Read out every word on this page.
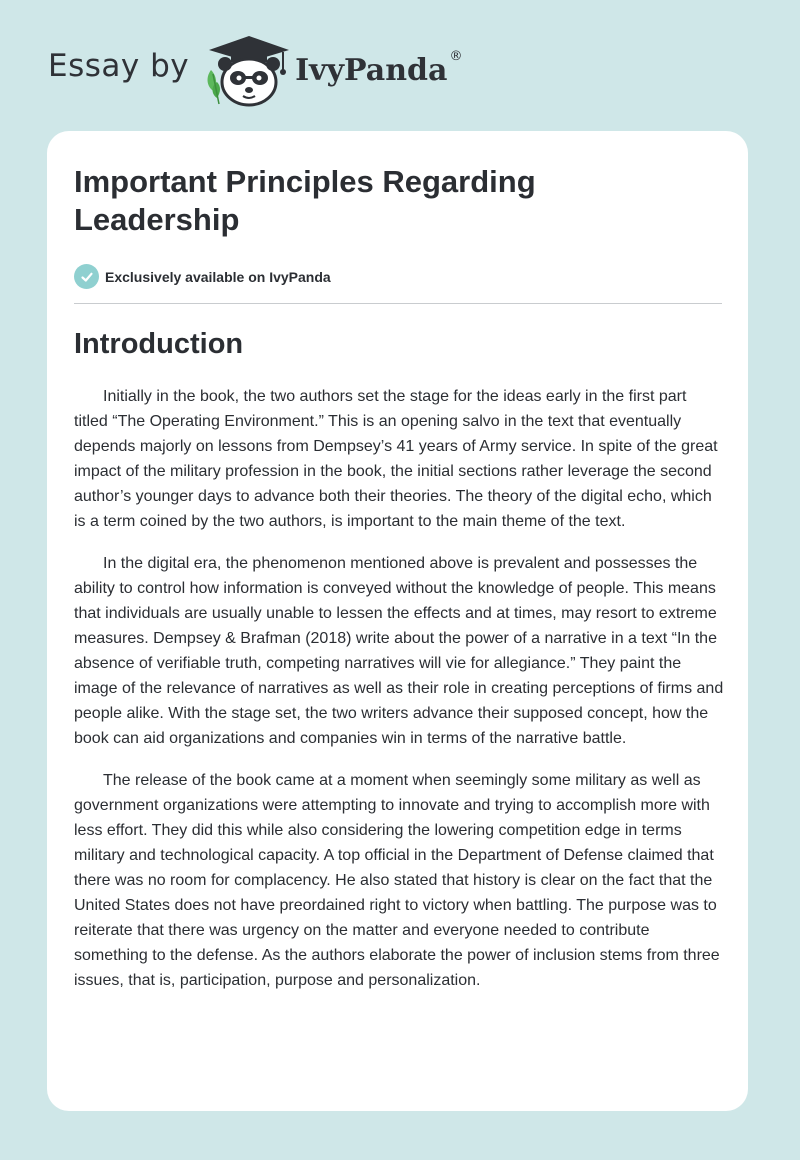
Essay by	IvyPanda ®
Important Principles Regarding Leadership
Exclusively available on IvyPanda
Introduction

Initially in the book, the two authors set the stage for the ideas early in the first part titled “The Operating Environment.” This is an opening salvo in the text that eventually depends majorly on lessons from Dempsey’s 41 years of Army service. In spite of the great impact of the military profession in the book, the initial sections rather leverage the second author’s younger days to advance both their theories. The theory of the digital echo, which is a term coined by the two authors, is important to the main theme of the text.

In the digital era, the phenomenon mentioned above is prevalent and possesses the ability to control how information is conveyed without the knowledge of people. This means that individuals are usually unable to lessen the effects and at times, may resort to extreme measures. Dempsey & Brafman (2018) write about the power of a narrative in a text “In the absence of verifiable truth, competing narratives will vie for allegiance.” They paint the image of the relevance of narratives as well as their role in creating perceptions of firms and people alike. With the stage set, the two writers advance their supposed concept, how the book can aid organizations and companies win in terms of the narrative battle.

The release of the book came at a moment when seemingly some military as well as government organizations were attempting to innovate and trying to accomplish more with less effort. They did this while also considering the lowering competition edge in terms military and technological capacity. A top official in the Department of Defense claimed that there was no room for complacency. He also stated that history is clear on the fact that the United States does not have preordained right to victory when battling. The purpose was to reiterate that there was urgency on the matter and everyone needed to contribute something to the defense. As the authors elaborate the power of inclusion stems from three issues, that is, participation, purpose and personalization.
